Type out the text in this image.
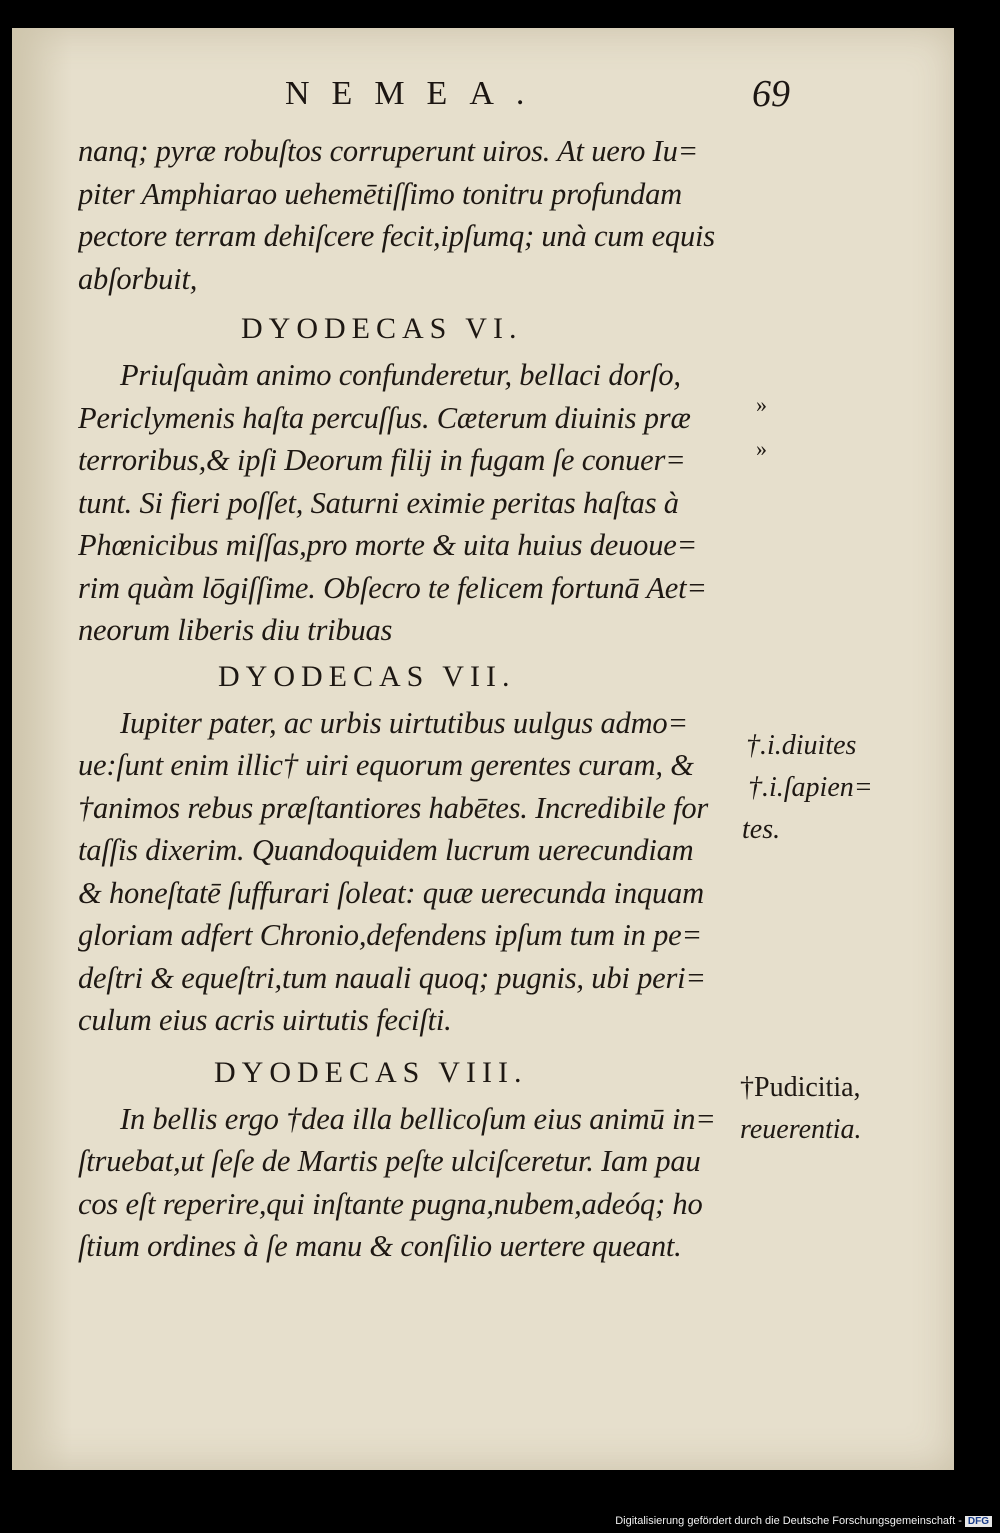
NEMEA.	69
nanq; pyræ robuſtos corruperunt uiros. At uero Iu=
piter Amphiarao uehemētiſſimo tonitru profundam
pectore terram dehiſcere fecit,ipſumq; unà cum equis
abſorbuit,
DYODECAS VI.
Priuſquàm animo confunderetur, bellaci dorſo,
Periclymenis haſta percuſſus. Cæterum diuinis præ
terroribus,& ipſi Deorum filij in fugam ſe conuer=
tunt. Si fieri poſſet, Saturni eximie peritas haſtas à
Phœnicibus miſſas,pro morte & uita huius deuoue=
rim quàm lōgiſſime. Obſecro te felicem fortunā Aet=
neorum liberis diu tribuas
DYODECAS VII.
Iupiter pater, ac urbis uirtutibus uulgus admo=
ue:ſunt enim illic† uiri equorum gerentes curam, &
†animos rebus præſtantiores habētes. Incredibile for
taſſis dixerim. Quandoquidem lucrum uerecundiam
& honeſtatē ſuffurari ſoleat: quæ uerecunda inquam
gloriam adfert Chronio,defendens ipſum tum in pe=
deſtri & equeſtri,tum nauali quoq; pugnis, ubi peri=
culum eius acris uirtutis feciſti.
DYODECAS VIII.
In bellis ergo †dea illa bellicoſum eius animū in=
ſtruebat,ut ſeſe de Martis peſte ulciſceretur. Iam pau
cos eſt reperire,qui inſtante pugna,nubem,adeóq; ho
ſtium ordines à ſe manu & conſilio uertere queant.
»
»
†.i.diuites
†.i.ſapien=
tes.
†Pudicitia,
reuerentia.
Digitalisierung gefördert durch die Deutsche Forschungsgemeinschaft - DFG
